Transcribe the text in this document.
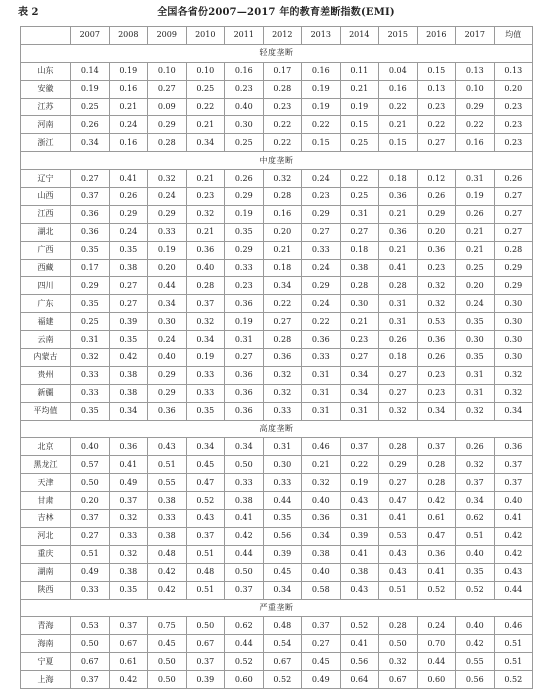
表 2	全国各省份2007—2017 年的教育差断指数(EMI)
	2007	2008	2009	2010	2011	2012	2013	2014	2015	2016	2017	均值
轻度垄断												
山东	0.14	0.19	0.10	0.10	0.16	0.17	0.16	0.11	0.04	0.15	0.13	0.13
安徽	0.19	0.16	0.27	0.25	0.23	0.28	0.19	0.21	0.16	0.13	0.10	0.20
江苏	0.25	0.21	0.09	0.22	0.40	0.23	0.19	0.19	0.22	0.23	0.29	0.23
河南	0.26	0.24	0.29	0.21	0.30	0.22	0.22	0.15	0.21	0.22	0.22	0.23
浙江	0.34	0.16	0.28	0.34	0.25	0.22	0.15	0.25	0.15	0.27	0.16	0.23
中度垄断												
辽宁	0.27	0.41	0.32	0.21	0.26	0.32	0.24	0.22	0.18	0.12	0.31	0.26
山西	0.37	0.26	0.24	0.23	0.29	0.28	0.23	0.25	0.36	0.26	0.19	0.27
江西	0.36	0.29	0.29	0.32	0.19	0.16	0.29	0.31	0.21	0.29	0.26	0.27
湖北	0.36	0.24	0.33	0.21	0.35	0.20	0.27	0.27	0.36	0.20	0.21	0.27
广西	0.35	0.35	0.19	0.36	0.29	0.21	0.33	0.18	0.21	0.36	0.21	0.28
西藏	0.17	0.38	0.20	0.40	0.33	0.18	0.24	0.38	0.41	0.23	0.25	0.29
四川	0.29	0.27	0.44	0.28	0.23	0.34	0.29	0.28	0.28	0.32	0.20	0.29
广东	0.35	0.27	0.34	0.37	0.36	0.22	0.24	0.30	0.31	0.32	0.24	0.30
福建	0.25	0.39	0.30	0.32	0.19	0.27	0.22	0.21	0.31	0.53	0.35	0.30
云南	0.31	0.35	0.24	0.34	0.31	0.28	0.36	0.23	0.26	0.36	0.30	0.30
内蒙古	0.32	0.42	0.40	0.19	0.27	0.36	0.33	0.27	0.18	0.26	0.35	0.30
贵州	0.33	0.38	0.29	0.33	0.36	0.32	0.31	0.34	0.27	0.23	0.31	0.32
新疆	0.33	0.38	0.29	0.33	0.36	0.32	0.31	0.34	0.27	0.23	0.31	0.32
平均值	0.35	0.34	0.36	0.35	0.36	0.33	0.31	0.31	0.32	0.34	0.32	0.34
高度垄断												
北京	0.40	0.36	0.43	0.34	0.34	0.31	0.46	0.37	0.28	0.37	0.26	0.36
黑龙江	0.57	0.41	0.51	0.45	0.50	0.30	0.21	0.22	0.29	0.28	0.32	0.37
天津	0.50	0.49	0.55	0.47	0.33	0.33	0.32	0.19	0.27	0.28	0.37	0.37
甘肃	0.20	0.37	0.38	0.52	0.38	0.44	0.40	0.43	0.47	0.42	0.34	0.40
吉林	0.37	0.32	0.33	0.43	0.41	0.35	0.36	0.31	0.41	0.61	0.62	0.41
河北	0.27	0.33	0.38	0.37	0.42	0.56	0.34	0.39	0.53	0.47	0.51	0.42
重庆	0.51	0.32	0.48	0.51	0.44	0.39	0.38	0.41	0.43	0.36	0.40	0.42
湖南	0.49	0.38	0.42	0.48	0.50	0.45	0.40	0.38	0.43	0.41	0.35	0.43
陕西	0.33	0.35	0.42	0.51	0.37	0.34	0.58	0.43	0.51	0.52	0.52	0.44
严重垄断												
青海	0.53	0.37	0.75	0.50	0.62	0.48	0.37	0.52	0.28	0.24	0.40	0.46
海南	0.50	0.67	0.45	0.67	0.44	0.54	0.27	0.41	0.50	0.70	0.42	0.51
宁夏	0.67	0.61	0.50	0.37	0.52	0.67	0.45	0.56	0.32	0.44	0.55	0.51
上海	0.37	0.42	0.50	0.39	0.60	0.52	0.49	0.64	0.67	0.60	0.56	0.52
